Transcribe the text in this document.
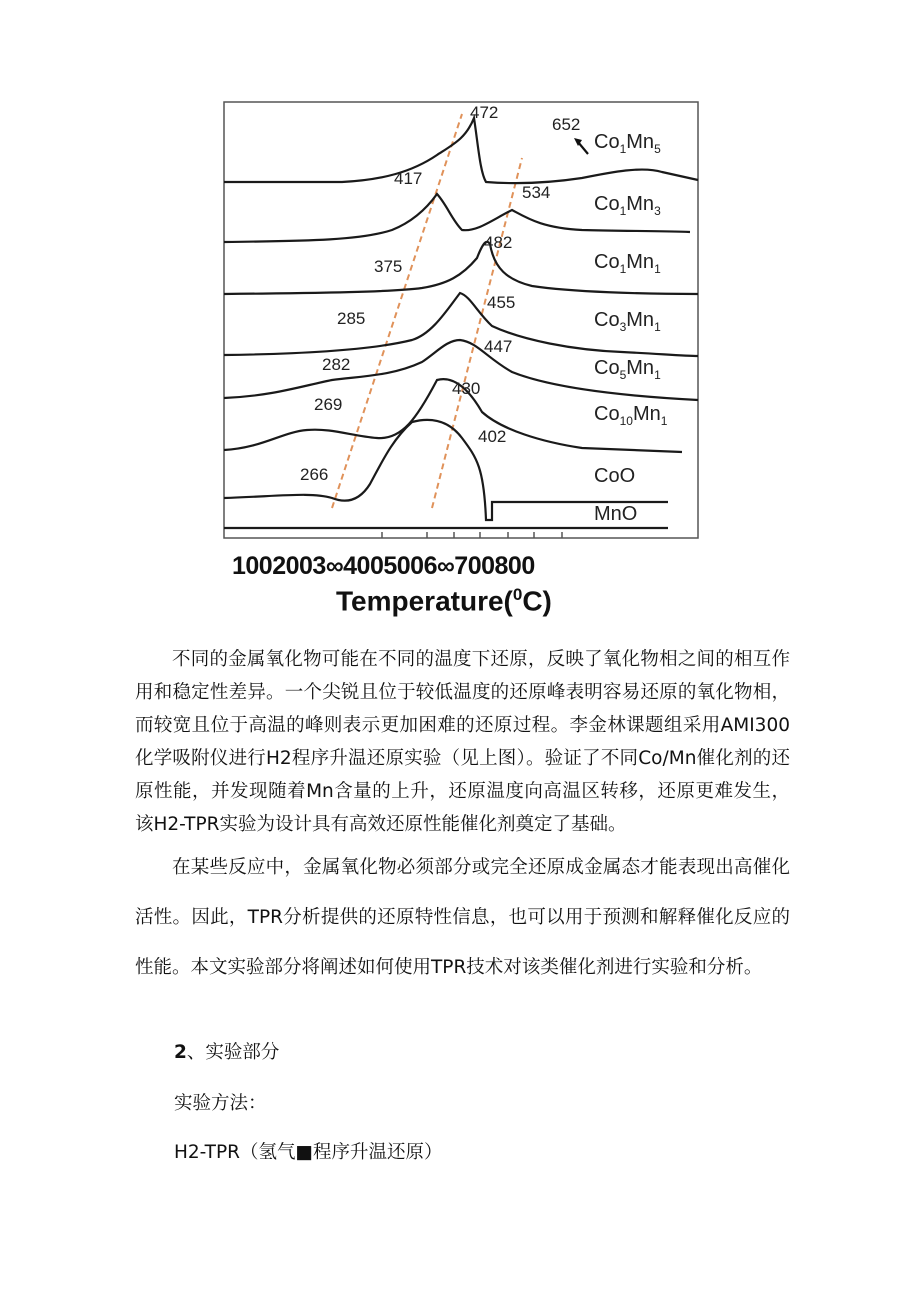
$Co_1Mn_5$
472
652
$Co_1Mn_3$
417
534
$Co_1Mn_1$
375
482
$Co_3Mn_1$
285
455
$Co_5Mn_1$
282
447
$Co_{10}Mn_1$
269
430
CoO
266
402
MnO
1002003∞4005006∞700800
Temperature($^0$C)

不同的金属氧化物可能在不同的温度下还原，反映了氧化物相之间的相互作用和稳定性差异。一个尖锐且位于较低温度的还原峰表明容易还原的氧化物相，而较宽且位于高温的峰则表示更加困难的还原过程。李金林课题组采用AMI300化学吸附仪进行H2程序升温还原实验（见上图）。验证了不同Co/Mn催化剂的还原性能，并发现随着Mn含量的上升，还原温度向高温区转移，还原更难发生，该H2-TPR实验为设计具有高效还原性能催化剂奠定了基础。

在某些反应中，金属氧化物必须部分或完全还原成金属态才能表现出高催化活性。因此，TPR分析提供的还原特性信息，也可以用于预测和解释催化反应的性能。本文实验部分将阐述如何使用TPR技术对该类催化剂进行实验和分析。

2、实验部分
实验方法：
H2-TPR（氢气■程序升温还原）
